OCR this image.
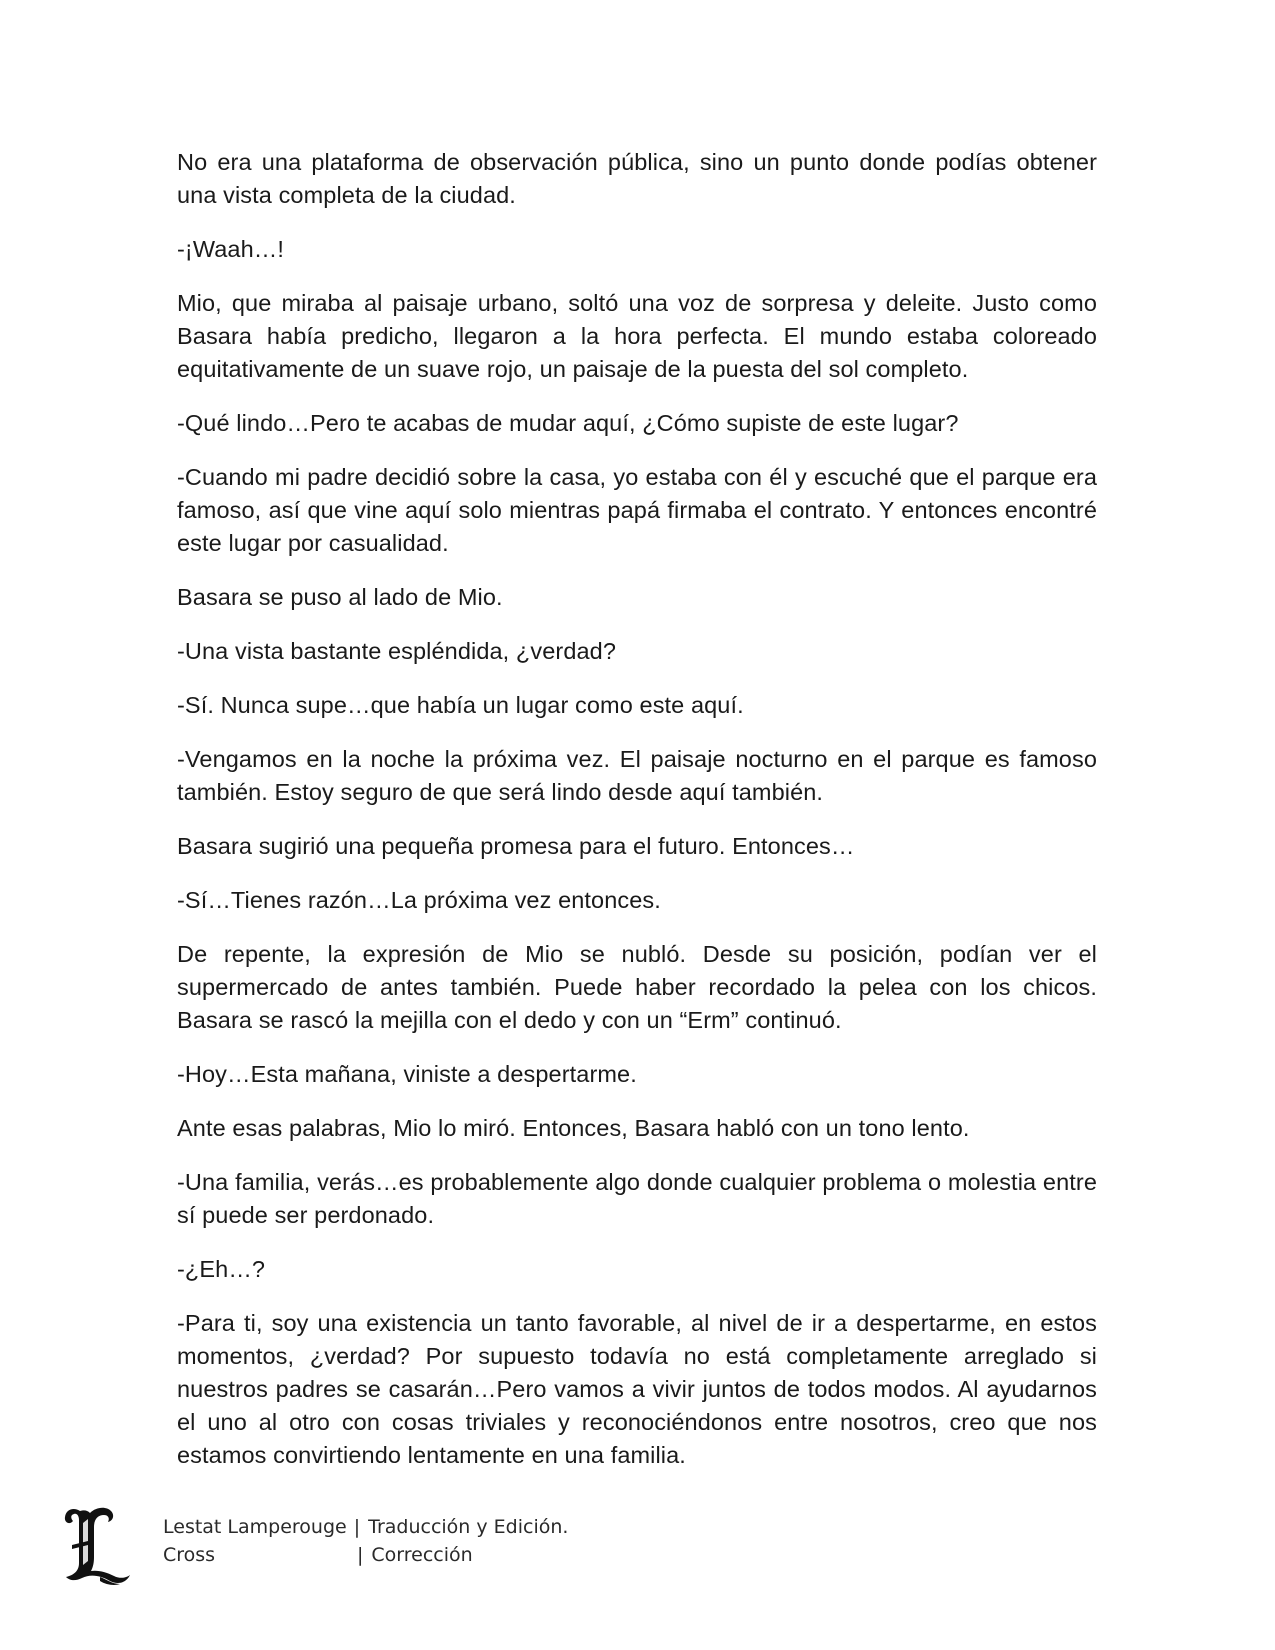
No era una plataforma de observación pública, sino un punto donde podías obtener una vista completa de la ciudad.

-¡Waah…!

Mio, que miraba al paisaje urbano, soltó una voz de sorpresa y deleite. Justo como Basara había predicho, llegaron a la hora perfecta. El mundo estaba coloreado equitativamente de un suave rojo, un paisaje de la puesta del sol completo.

-Qué lindo…Pero te acabas de mudar aquí, ¿Cómo supiste de este lugar?

-Cuando mi padre decidió sobre la casa, yo estaba con él y escuché que el parque era famoso, así que vine aquí solo mientras papá firmaba el contrato. Y entonces encontré este lugar por casualidad.

Basara se puso al lado de Mio.

-Una vista bastante espléndida, ¿verdad?

-Sí. Nunca supe…que había un lugar como este aquí.

-Vengamos en la noche la próxima vez. El paisaje nocturno en el parque es famoso también. Estoy seguro de que será lindo desde aquí también.

Basara sugirió una pequeña promesa para el futuro. Entonces…

-Sí…Tienes razón…La próxima vez entonces.

De repente, la expresión de Mio se nubló. Desde su posición, podían ver el supermercado de antes también. Puede haber recordado la pelea con los chicos. Basara se rascó la mejilla con el dedo y con un “Erm” continuó.

-Hoy…Esta mañana, viniste a despertarme.

Ante esas palabras, Mio lo miró. Entonces, Basara habló con un tono lento.

-Una familia, verás…es probablemente algo donde cualquier problema o molestia entre sí puede ser perdonado.

-¿Eh…?

-Para ti, soy una existencia un tanto favorable, al nivel de ir a despertarme, en estos momentos, ¿verdad? Por supuesto todavía no está completamente arreglado si nuestros padres se casarán…Pero vamos a vivir juntos de todos modos. Al ayudarnos el uno al otro con cosas triviales y reconociéndonos entre nosotros, creo que nos estamos convirtiendo lentamente en una familia.

Lestat Lamperouge | Traducción y Edición.
Cross	| Corrección
